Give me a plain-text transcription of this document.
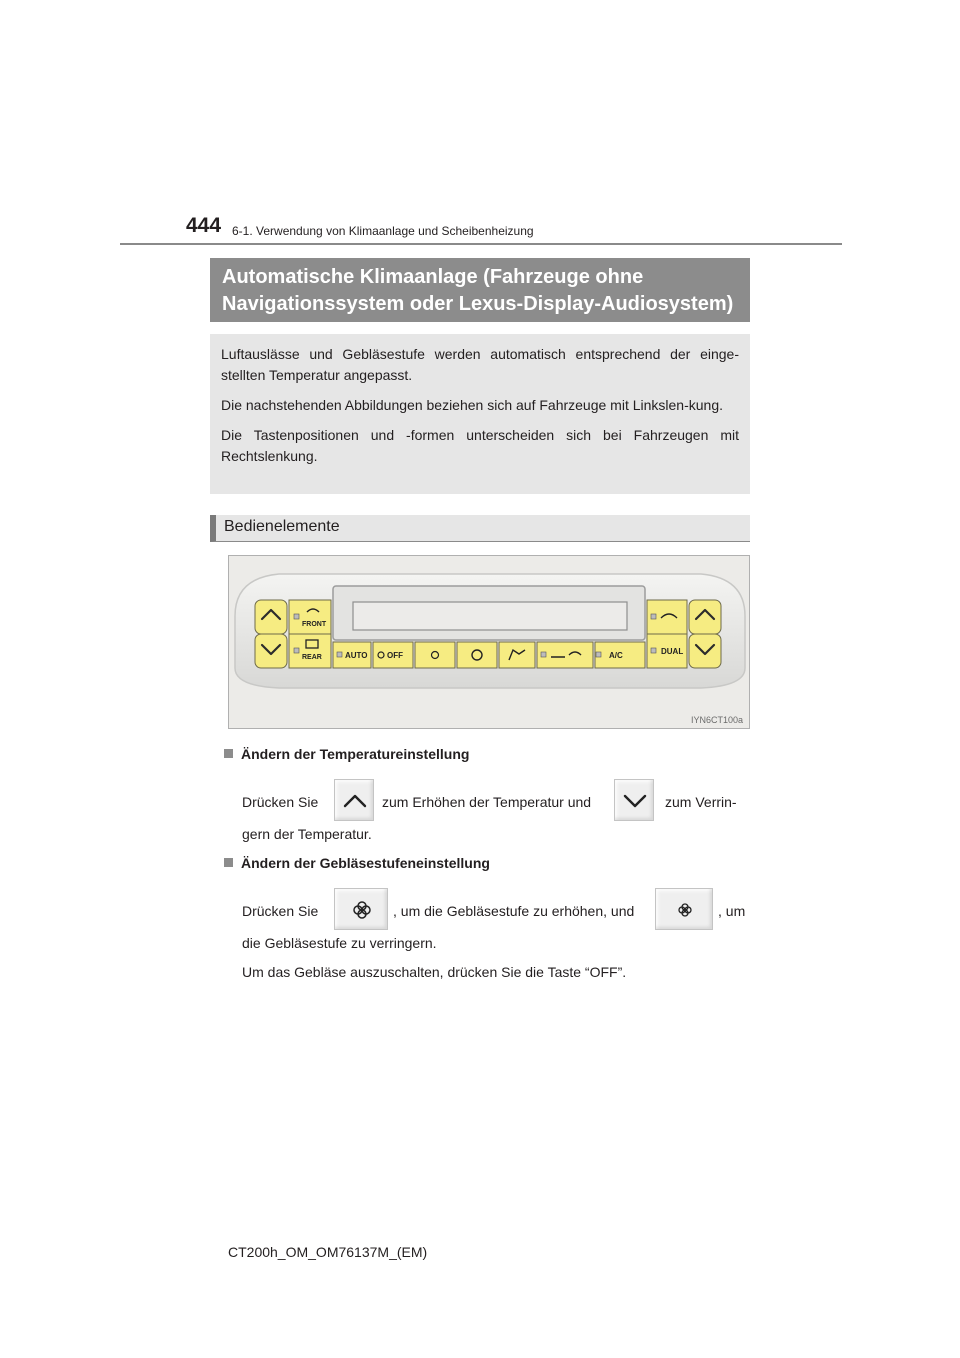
444 6-1. Verwendung von Klimaanlage und Scheibenheizung
Automatische Klimaanlage (Fahrzeuge ohne
Navigationssystem oder Lexus-Display-Audiosystem)

Luftauslässe und Gebläsestufe werden automatisch entsprechend der einge-stellten Temperatur angepasst.

Die nachstehenden Abbildungen beziehen sich auf Fahrzeuge mit Linkslen-kung.

Die Tastenpositionen und -formen unterscheiden sich bei Fahrzeugen mit Rechtslenkung.

Bedienelemente
FRONT
REAR	AUTO OFF	A/C	DUAL
IYN6CT100a
Ändern der Temperatureinstellung
Drücken Sie	zum Erhöhen der Temperatur und	zum Verrin-
gern der Temperatur.
Ändern der Gebläsestufeneinstellung
Drücken Sie	, um die Gebläsestufe zu erhöhen, und	, um
die Gebläsestufe zu verringern.
Um das Gebläse auszuschalten, drücken Sie die Taste “OFF”.
CT200h_OM_OM76137M_(EM)
